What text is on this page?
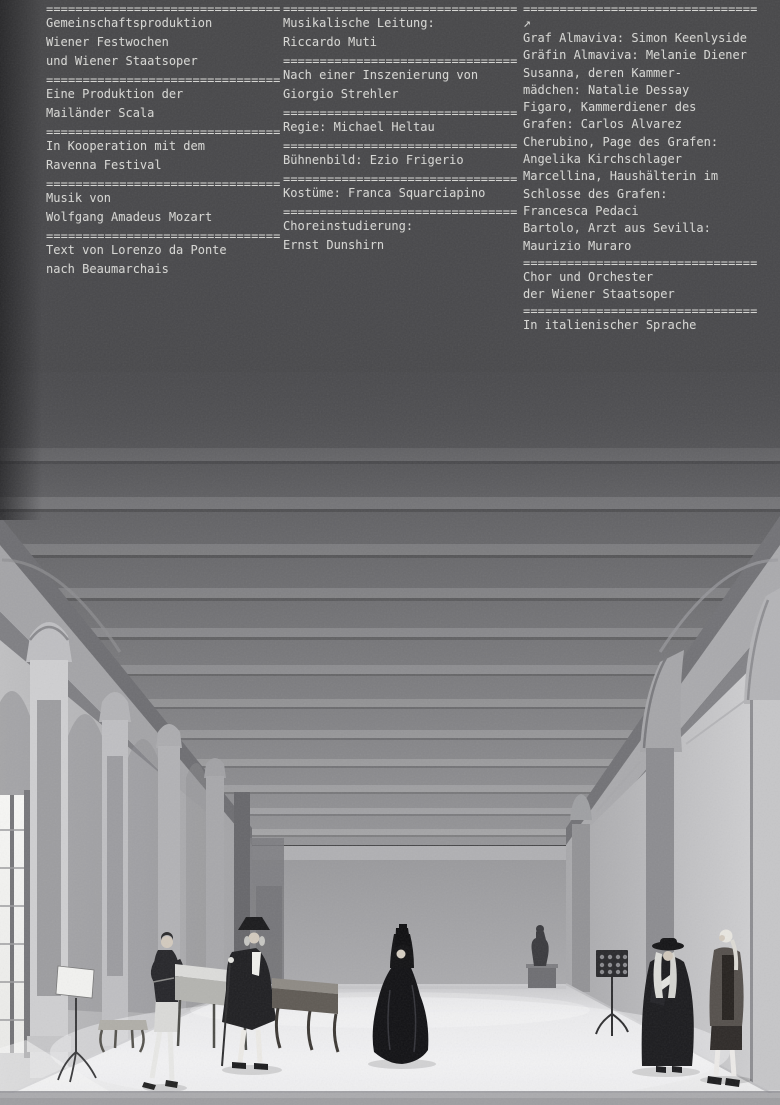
================================
Gemeinschaftsproduktion
Wiener Festwochen
und Wiener Staatsoper
================================
Eine Produktion der
Mailänder Scala
================================
In Kooperation mit dem
Ravenna Festival
================================
Musik von
Wolfgang Amadeus Mozart
================================
Text von Lorenzo da Ponte
nach Beaumarchais
================================
Musikalische Leitung:
Riccardo Muti
================================
Nach einer Inszenierung von
Giorgio Strehler
================================
Regie: Michael Heltau
================================
Bühnenbild: Ezio Frigerio
================================
Kostüme: Franca Squarciapino
================================
Choreinstudierung:
Ernst Dunshirn
================================
↗
Graf Almaviva: Simon Keenlyside
Gräfin Almaviva: Melanie Diener
Susanna, deren Kammer-
mädchen: Natalie Dessay
Figaro, Kammerdiener des
Grafen: Carlos Alvarez
Cherubino, Page des Grafen:
Angelika Kirchschlager
Marcellina, Haushälterin im
Schlosse des Grafen:
Francesca Pedaci
Bartolo, Arzt aus Sevilla:
Maurizio Muraro
================================
Chor und Orchester
der Wiener Staatsoper
================================
In italienischer Sprache
